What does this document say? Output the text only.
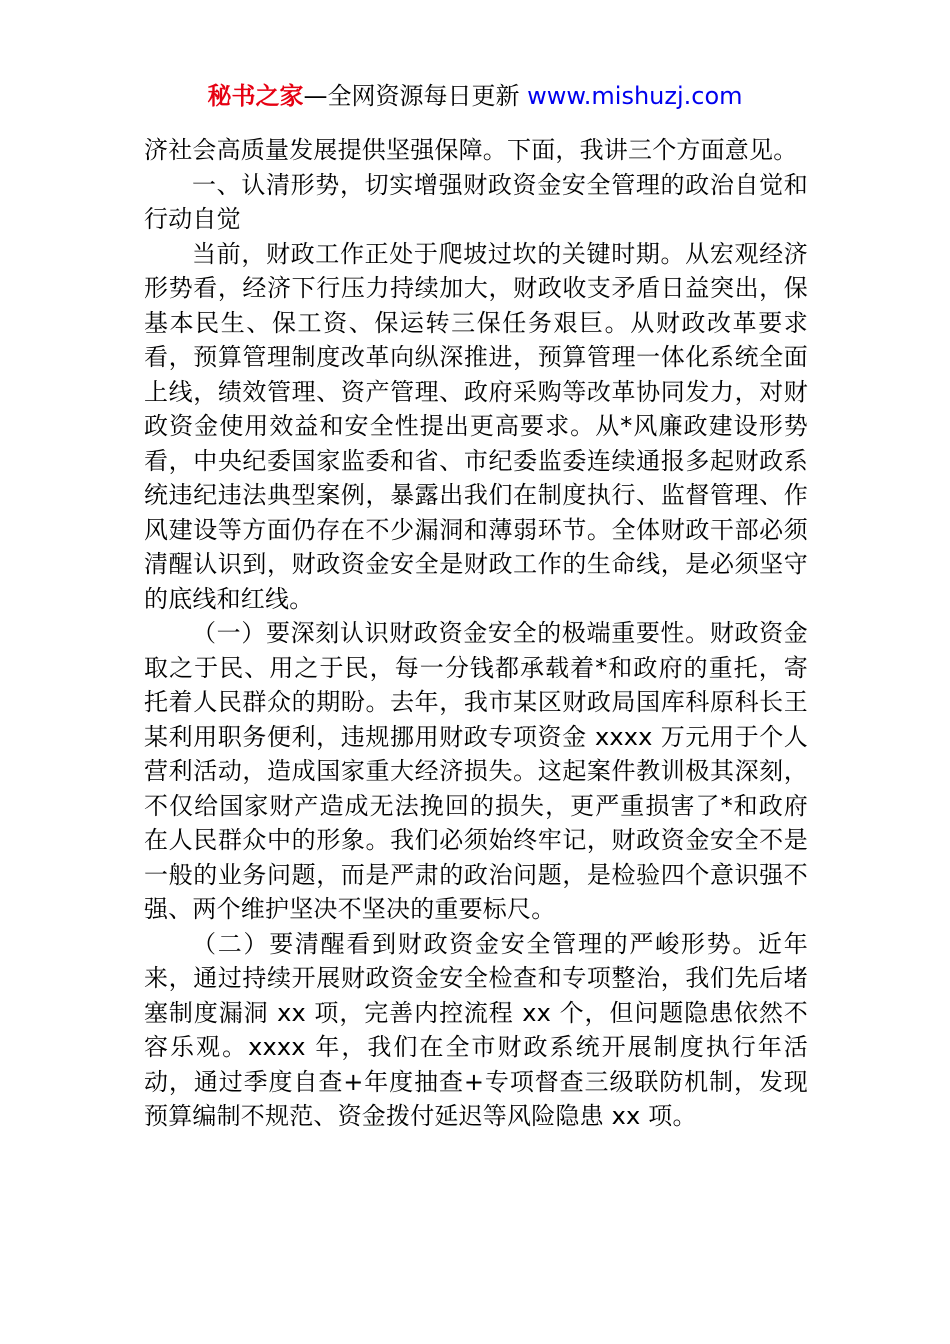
秘书之家—全网资源每日更新 www.mishuzj.com

济社会高质量发展提供坚强保障。下面，我讲三个方面意见。

一、认清形势，切实增强财政资金安全管理的政治自觉和行动自觉

当前，财政工作正处于爬坡过坎的关键时期。从宏观经济形势看，经济下行压力持续加大，财政收支矛盾日益突出，保基本民生、保工资、保运转三保任务艰巨。从财政改革要求看，预算管理制度改革向纵深推进，预算管理一体化系统全面上线，绩效管理、资产管理、政府采购等改革协同发力，对财政资金使用效益和安全性提出更高要求。从*风廉政建设形势看，中央纪委国家监委和省、市纪委监委连续通报多起财政系统违纪违法典型案例，暴露出我们在制度执行、监督管理、作风建设等方面仍存在不少漏洞和薄弱环节。全体财政干部必须清醒认识到，财政资金安全是财政工作的生命线，是必须坚守的底线和红线。

（一）要深刻认识财政资金安全的极端重要性。财政资金取之于民、用之于民，每一分钱都承载着*和政府的重托，寄托着人民群众的期盼。去年，我市某区财政局国库科原科长王某利用职务便利，违规挪用财政专项资金 xxxx 万元用于个人营利活动，造成国家重大经济损失。这起案件教训极其深刻，不仅给国家财产造成无法挽回的损失，更严重损害了*和政府在人民群众中的形象。我们必须始终牢记，财政资金安全不是一般的业务问题，而是严肃的政治问题，是检验四个意识强不强、两个维护坚决不坚决的重要标尺。

（二）要清醒看到财政资金安全管理的严峻形势。近年来，通过持续开展财政资金安全检查和专项整治，我们先后堵塞制度漏洞 xx 项，完善内控流程 xx 个，但问题隐患依然不容乐观。xxxx 年，我们在全市财政系统开展制度执行年活动，通过季度自查+年度抽查+专项督查三级联防机制，发现预算编制不规范、资金拨付延迟等风险隐患 xx 项。
